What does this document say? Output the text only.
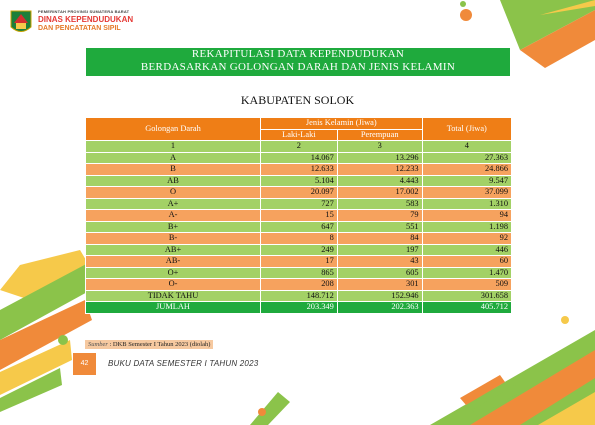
PEMERINTAH PROVINSI SUMATERA BARAT
DINAS KEPENDUDUKAN
DAN PENCATATAN SIPIL
REKAPITULASI DATA KEPENDUDUKAN
BERDASARKAN GOLONGAN DARAH DAN JENIS KELAMIN
KABUPATEN SOLOK
Golongan Darah	Jenis Kelamin (Jiwa)		Total (Jiwa)
	Laki-Laki	Perempuan	
1	2	3	4
A	14.067	13.296	27.363
B	12.633	12.233	24.866
AB	5.104	4.443	9.547
O	20.097	17.002	37.099
A+	727	583	1.310
A-	15	79	94
B+	647	551	1.198
B-	8	84	92
AB+	249	197	446
AB-	17	43	60
O+	865	605	1.470
O-	208	301	509
TIDAK TAHU	148.712	152.946	301.658
JUMLAH	203.349	202.363	405.712
Sumber : DKB Semester I Tahun 2023 (diolah)
42	BUKU DATA SEMESTER I TAHUN 2023
